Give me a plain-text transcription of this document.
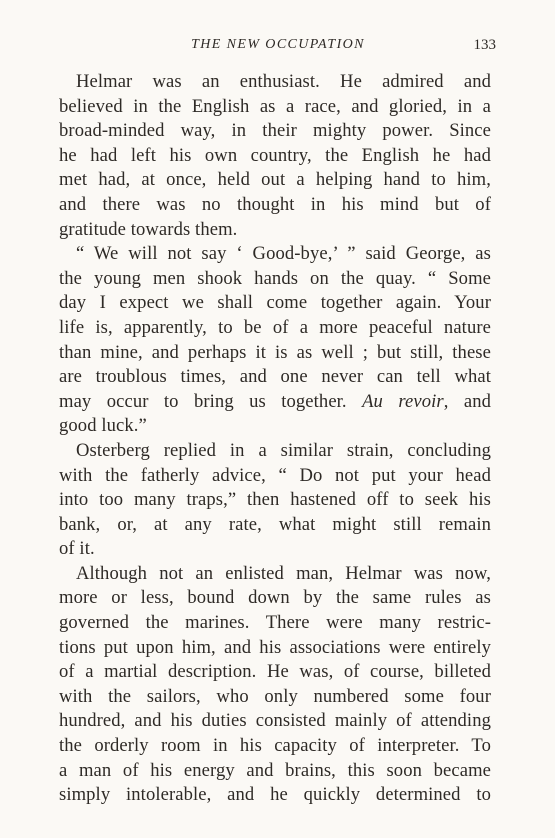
THE NEW OCCUPATION	133
Helmar was an enthusiast. He admired and
believed in the English as a race, and gloried, in a
broad-minded way, in their mighty power. Since
he had left his own country, the English he had
met had, at once, held out a helping hand to him,
and there was no thought in his mind but of
gratitude towards them.
“ We will not say ‘ Good-bye,’ ” said George, as
the young men shook hands on the quay. “ Some
day I expect we shall come together again. Your
life is, apparently, to be of a more peaceful nature
than mine, and perhaps it is as well ; but still, these
are troublous times, and one never can tell what
may occur to bring us together. Au revoir, and
good luck.”
Osterberg replied in a similar strain, concluding
with the fatherly advice, “ Do not put your head
into too many traps,” then hastened off to seek his
bank, or, at any rate, what might still remain
of it.
Although not an enlisted man, Helmar was now,
more or less, bound down by the same rules as
governed the marines. There were many restric-
tions put upon him, and his associations were entirely
of a martial description. He was, of course, billeted
with the sailors, who only numbered some four
hundred, and his duties consisted mainly of attending
the orderly room in his capacity of interpreter. To
a man of his energy and brains, this soon became
simply intolerable, and he quickly determined to
